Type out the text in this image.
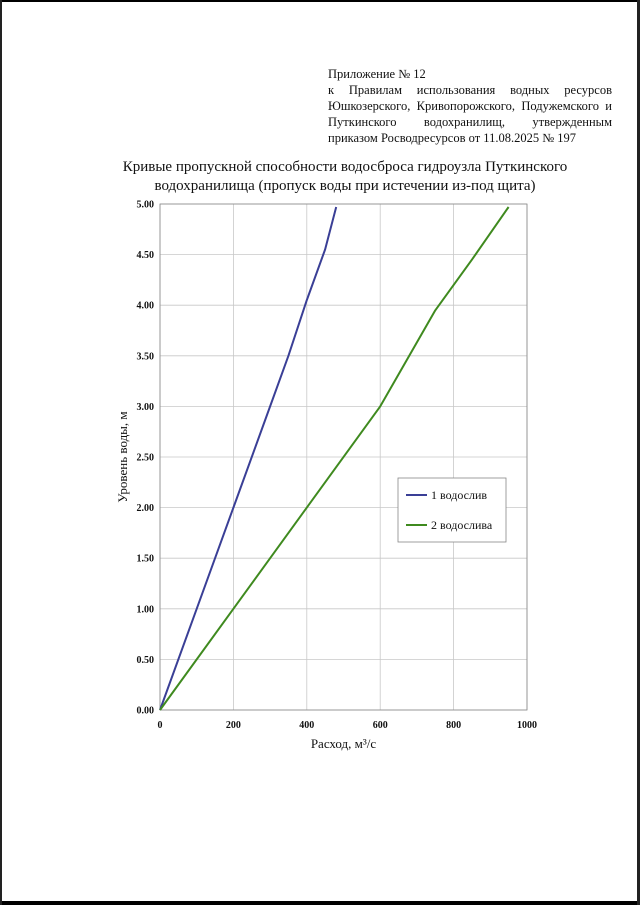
Приложение № 12
к Правилам использования водных ресурсов Юшкозерского, Кривопорожского, Подужемского и Путкинского водохранилищ, утвержденным приказом Росводресурсов от 11.08.2025 № 197
Кривые пропускной способности водосброса гидроузла Путкинского
водохранилища (пропуск воды при истечении из-под щита)
0	200	400	600	800	1000
0.00
0.50
1.00
1.50
2.00
2.50
3.00
3.50
4.00
4.50
5.00
Расход, м³/с
Уровень воды, м	1 водослив
2 водослива
